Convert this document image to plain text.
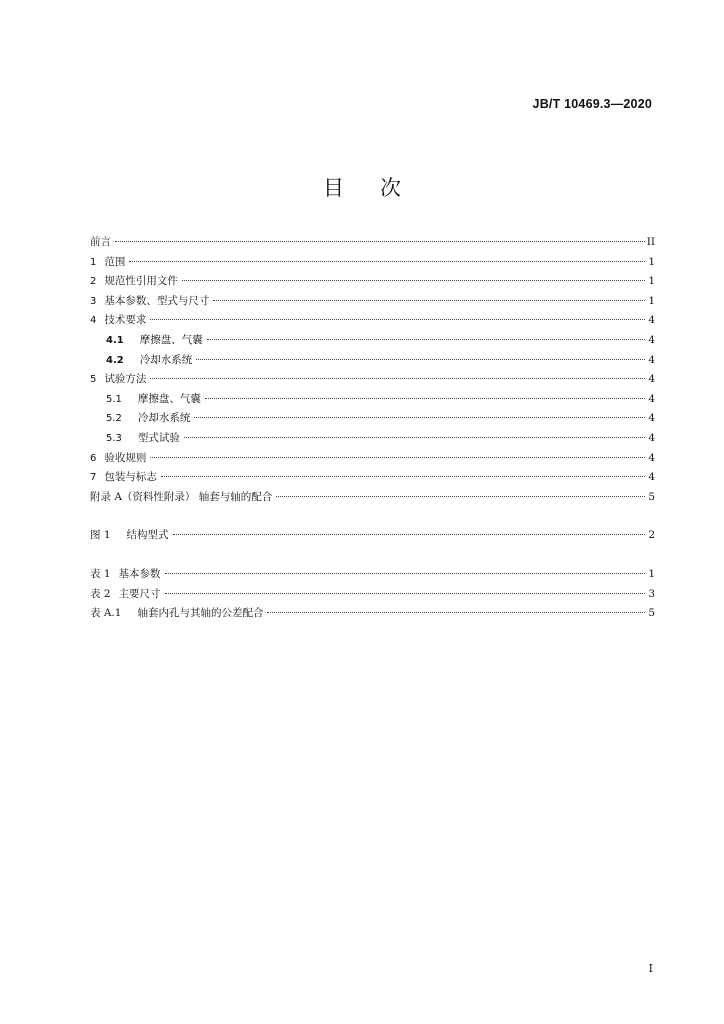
JB/T 10469.3—2020
目 次
前言	II
1 范围	1
2 规范性引用文件	1
3 基本参数、型式与尺寸	1
4 技术要求	4
4.1 摩擦盘、气囊	4
4.2 冷却水系统	4
5 试验方法	4
5.1 摩擦盘、气囊	4
5.2 冷却水系统	4
5.3 型式试验	4
6 验收规则	4
7 包装与标志	4
附录 A（资料性附录） 轴套与轴的配合	5
图 1 结构型式	2
表 1 基本参数	1
表 2 主要尺寸	3
表 A.1 轴套内孔与其轴的公差配合	5
I
